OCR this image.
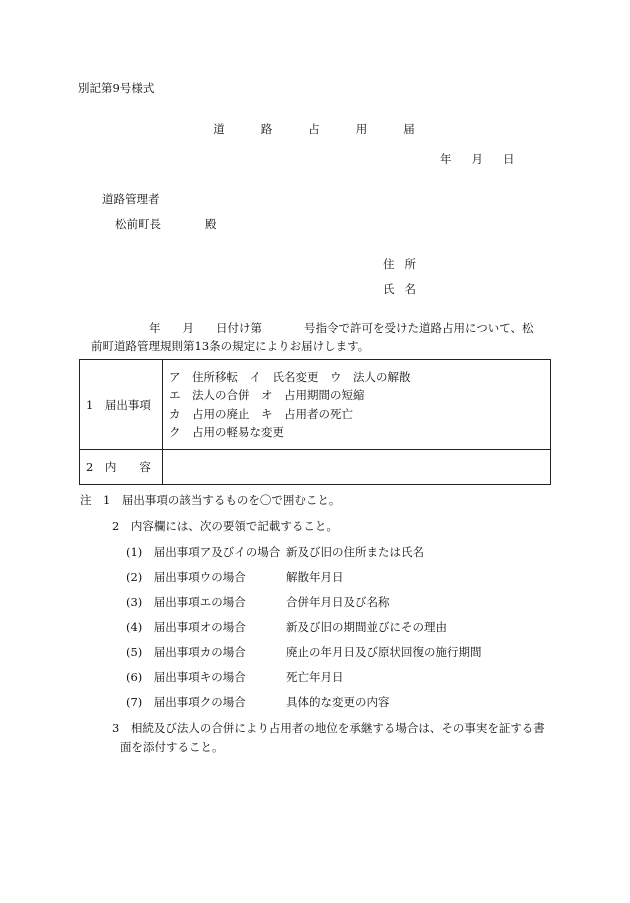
別記第9号様式
道	路	占	用	届
年 月 日
道路管理者
松前町長	殿
住 所
氏 名
年 月 日付け第	号指令で許可を受けた道路占用について、松
前町道路管理規則第13条の規定によりお届けします。
1　届出事項	ア　住所移転　イ　氏名変更　ウ　法人の解散
エ　法人の合併　オ　占用期間の短縮
カ　占用の廃止　キ　占用者の死亡
ク　占用の軽易な変更

2　内　　容	
注　1　届出事項の該当するものを〇で囲むこと。
2　内容欄には、次の要領で記載すること。
(1)　届出事項ア及びイの場合 新及び旧の住所または氏名
(2)　届出事項ウの場合	解散年月日
(3)　届出事項エの場合	合併年月日及び名称
(4)　届出事項オの場合	新及び旧の期間並びにその理由
(5)　届出事項カの場合	廃止の年月日及び原状回復の施行期間
(6)　届出事項キの場合	死亡年月日
(7)　届出事項クの場合	具体的な変更の内容
3　相続及び法人の合併により占用者の地位を承継する場合は、その事実を証する書
面を添付すること。
